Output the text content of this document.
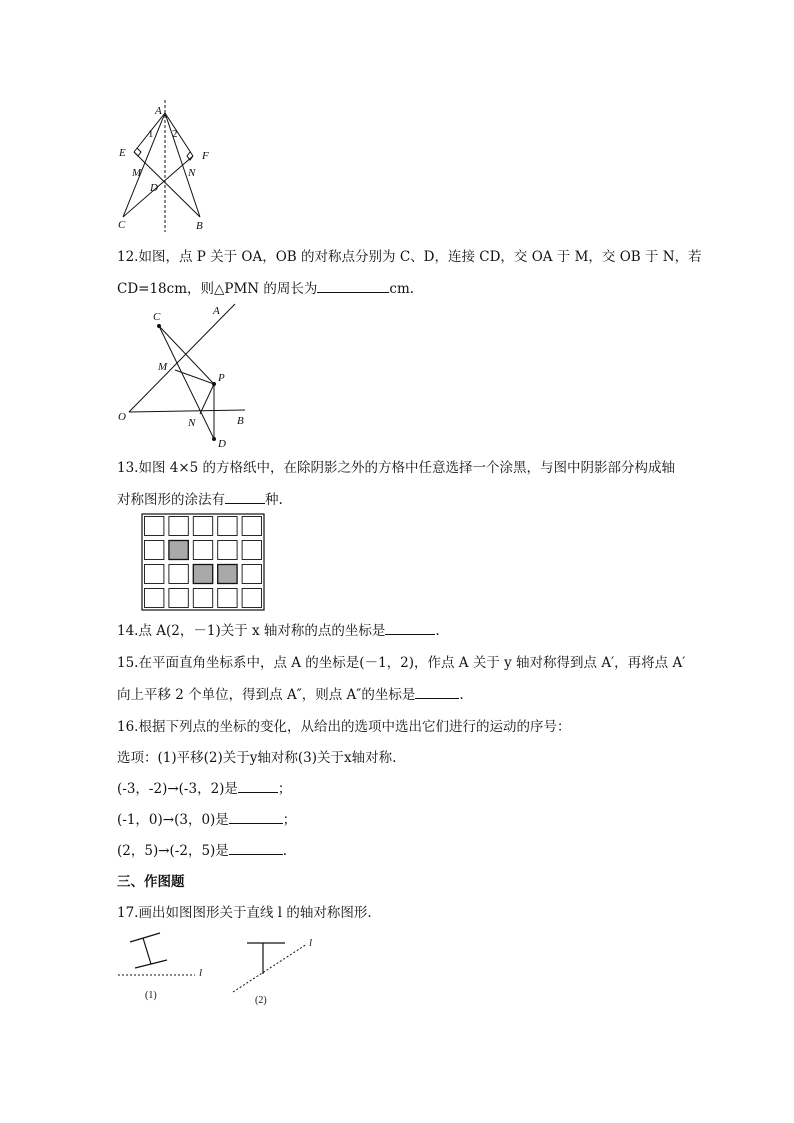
A
1 2
E	F
M	N
D
C	B
12.如图，点 P 关于 OA，OB 的对称点分别为 C、D，连接 CD，交 OA 于 M，交 OB 于 N，若
CD=18cm，则△PMN 的周长为	cm.
C	A
M
P
O	N	B
D
13.如图 4×5 的方格纸中，在除阴影之外的方格中任意选择一个涂黑，与图中阴影部分构成轴
对称图形的涂法有	种.
14.点 A(2，－1)关于 x 轴对称的点的坐标是	.
15.在平面直角坐标系中，点 A 的坐标是(－1，2)，作点 A 关于 y 轴对称得到点 A′，再将点 A′
向上平移 2 个单位，得到点 A″，则点 A″的坐标是	.
16.根据下列点的坐标的变化，从给出的选项中选出它们进行的运动的序号：
选项：(1)平移(2)关于y轴对称(3)关于x轴对称.
(-3，-2)→(-3，2)是	；
(-1，0)→(3，0)是	；
(2，5)→(-2，5)是	.
三、作图题
17.画出如图图形关于直线 l 的轴对称图形.
l
(1)
l
(2)
